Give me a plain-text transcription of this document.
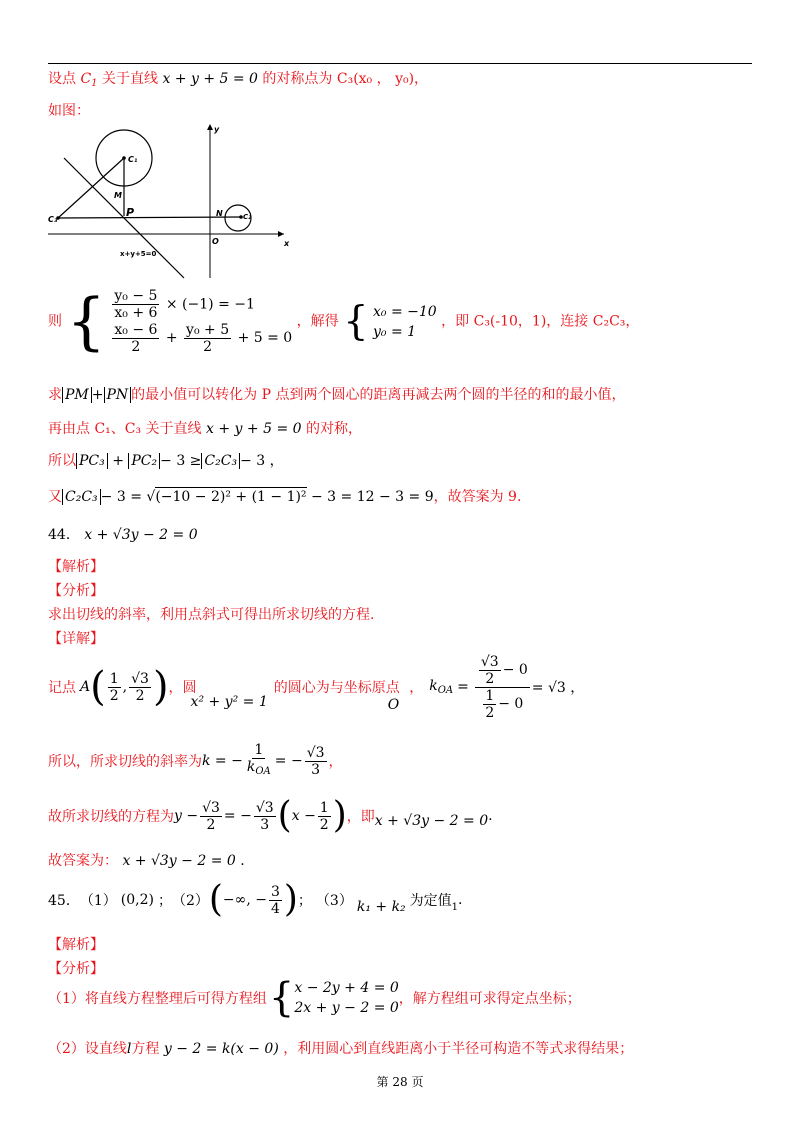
设点 $C_1$ 关于直线 x + y + 5 = 0 的对称点为 C₃(x₀ ， y₀)，
如图：
C₁
M
P
C₃
N	C₂
O	x
y
x+y+5=0
则 { $\frac{\text{y₀ − 5}}{\text{x₀ + 6}} \times (-1) = -1$
$\frac{\text{x₀ − 6}}{2} + \frac{\text{y₀ + 5}}{2} + 5 = 0$
，解得 { x₀ = −10
y₀ = 1
，即 C₃(-10，1)，连接 C₂C₃，
求 PM + PN 的最小值可以转化为 P 点到两个圆心的距离再减去两个圆的半径的和的最小值，
再由点 C₁、C₃ 关于直线 x + y + 5 = 0 的对称，
所以 PC₃ + PC₂ − 3 ≥ C₂C₃ − 3 ，
又 C₂C₃ − 3 = √(−10 − 2)² + (1 − 1)² − 3 = 12 − 3 = 9，故答案为 9.
44． x + √3y − 2 = 0
【解析】
【分析】
求出切线的斜率，利用点斜式可得出所求切线的方程.
【详解】
记点 A ( $\frac{1}{2}$ , $\frac{√3}{2}$ ) ，圆
x² + y² = 1
的圆心为与坐标原点
O
， $k_{OA} = \frac{\frac{√3}{2} - 0}{\frac{1}{2} - 0} = √3$ ，
所以，所求切线的斜率为 k = − $\frac{1}{k_{OA}}$ = − $\frac{√3}{3}$ ，
故所求切线的方程为 $y - \frac{√3}{2}$ = − $\frac{√3}{3}$ ( $x - \frac{1}{2}$ ) ，即 x + √3y − 2 = 0 .
故答案为： x + √3y − 2 = 0 .
45． （1） (0,2) ； （2） ( −∞, − $\frac{3}{4}$ ) ； （3） k₁ + k₂ 为定值 1 .
【解析】
【分析】
（1）将直线方程整理后可得方程组 { x − 2y + 4 = 0
2x + y − 2 = 0
，解方程组可求得定点坐标；
（2）设直线l方程 y − 2 = k(x − 0) ，利用圆心到直线距离小于半径可构造不等式求得结果；
第 28 页
